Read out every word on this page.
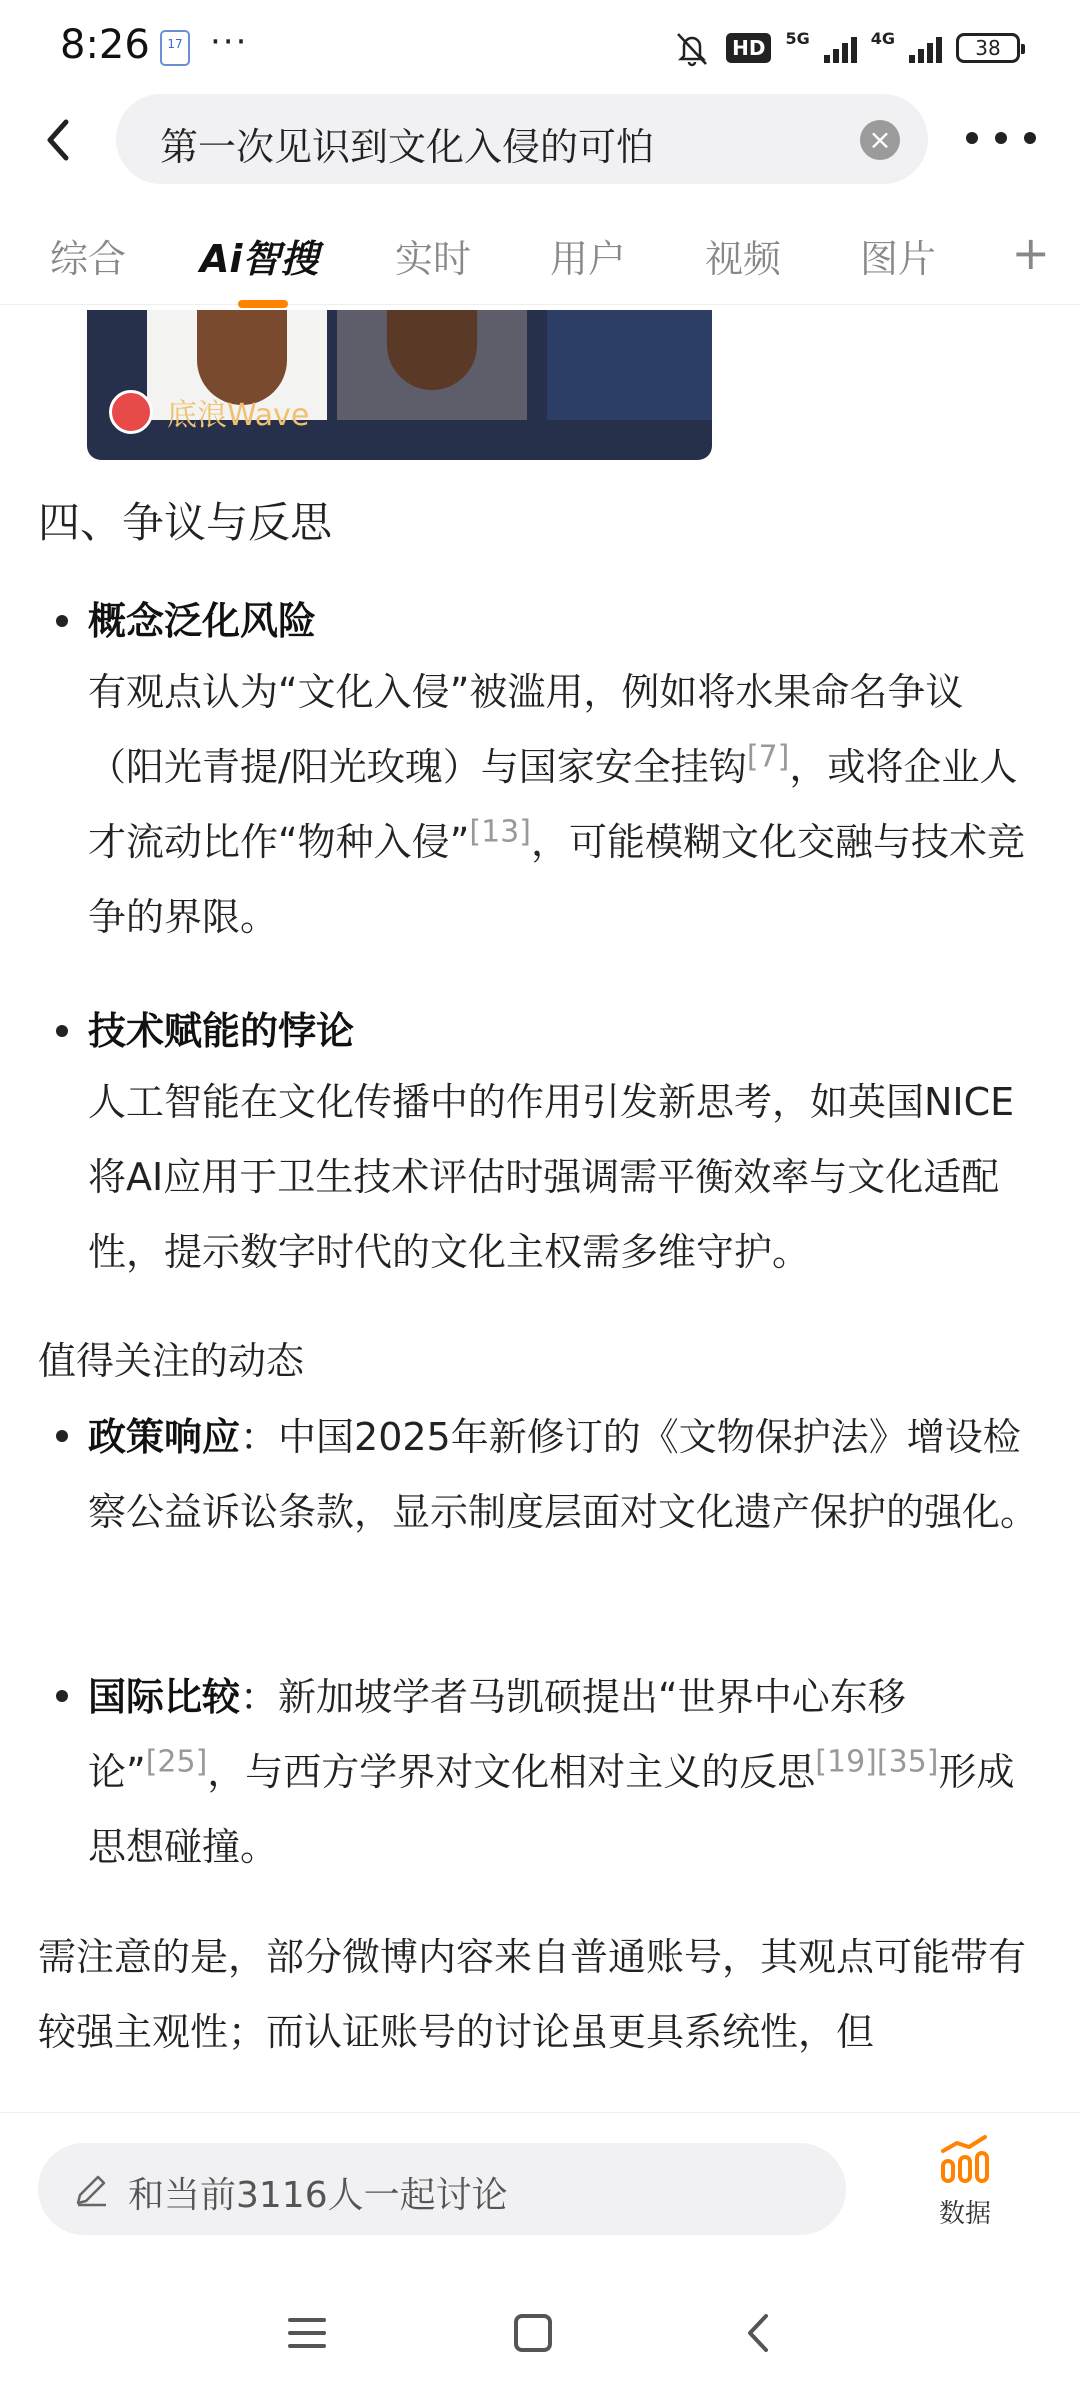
8:26	17 ···	HD	5G	4G	38
第一次见识到文化入侵的可怕	×
综合 Ai智搜 实时 用户 视频 图片 +
底浪Wave
四、争议与反思
概念泛化风险
有观点认为“文化入侵”被滥用，例如将水果命名争议（阳光青提/阳光玫瑰）与国家安全挂钩[7]，或将企业人才流动比作“物种入侵”[13]，可能模糊文化交融与技术竞争的界限。
技术赋能的悖论
人工智能在文化传播中的作用引发新思考，如英国NICE将AI应用于卫生技术评估时强调需平衡效率与文化适配性，提示数字时代的文化主权需多维守护。
值得关注的动态
政策响应：中国2025年新修订的《文物保护法》增设检察公益诉讼条款，显示制度层面对文化遗产保护的强化。
国际比较：新加坡学者马凯硕提出“世界中心东移论”[25]，与西方学界对文化相对主义的反思[19][35]形成思想碰撞。
需注意的是，部分微博内容来自普通账号，其观点可能带有较强主观性；而认证账号的讨论虽更具系统性，但
和当前3116人一起讨论	数据
